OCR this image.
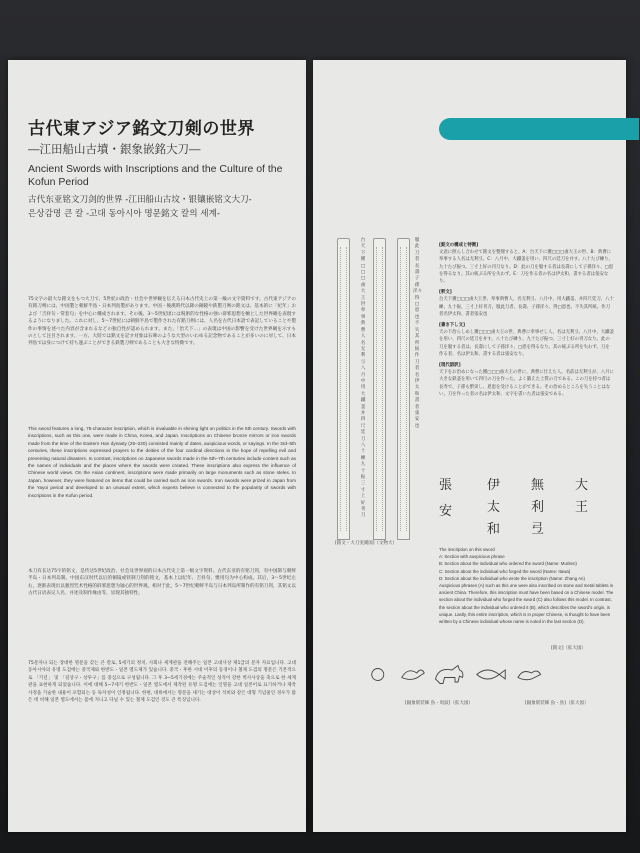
古代東アジア銘文刀剣の世界
―江田船山古墳・銀象嵌銘大刀―
Ancient Swords with Inscriptions and the Culture of the Kofun Period
古代东亚铭文刀剑的世界 -江田船山古坟・银镶嵌铭文大刀-
은상감명 큰 칼 -고대 동아시아 명문銘文 칼의 세계-
75文字の最大な銘文をもつ大刀で、5世紀の政治・社会や世界観を伝える日本古代史上の第一級の文字資料です。古代東アジアの有銘刀剣には、中国製と朝鮮半島・日本列島製があります。中国・後漢時代以降の銅鏡や鉄製刀剣の銘文は、基本的に「紀年」および「吉祥句・常套句」を中心に構成されます。その後、3〜5世紀頃には呪術的な性格の強い辟邪思想を軸とした世界観を表現するようになりました。これに対し、5〜7世紀には朝鮮半島で製作された有銘刀剣には、人名を古代日本語で表記していることや製作の事情を述べた内容が含まれるなどの独自性が認められます。また、「治天下…」の表現は中国の影響を受けた世界観を示すものとして注目されます。一方、大陸では銘文を記す対象は石碑のような大型のいわゆる記念物であることが多いのに対して、日本列島では身につけて持ち運ぶことができる鉄製刀剣であることも大きな特徴です。
This sword features a long, 75-character inscription, which is invaluable in shining light on politics in the 5th century. Swords with inscriptions, such as this one, were made in China, Korea, and Japan. Inscriptions on Chinese bronze mirrors or iron swords made from the time of the Eastern Han dynasty (25–220) consisted mainly of dates, auspicious words, or sayings. In the 3rd–5th centuries, these inscriptions expressed prayers to the deities of the four cardinal directions in the hope of repelling evil and preventing natural disasters. In contrast, inscriptions on Japanese swords made in the 5th–7th centuries include content such as the names of individuals and the places where the swords were created. These inscriptions also express the influence of Chinese world views. On the Asian continent, inscriptions were made primarily on large monuments such as stone steles. In Japan, however, they were featured on items that could be carried such as iron swords. Iron swords were prized in Japan from the Yayoi period and developed to an unusual extent, which experts believe is connected to the popularity of swords with inscriptions in the Kofun period.
本刀有长达75字的铭文，是传达5世纪政治、社会及世界观的日本古代史上第一级文字资料。古代东亚的有铭刀剑，有中国制与朝鲜半岛・日本列岛制。中国东汉时代以后的铜镜或铁制刀剑的铭文，基本上以纪年、吉祥句、惯用句为中心构成。其后，3〜5世纪左右，逐渐表现出以强烈咒术性格的辟邪思想为轴心的世界观。相对于此，5〜7世纪朝鲜半岛与日本列岛所制作的有铭刀剑，其铭文以古代日语表记人名，并述及制作缘由等，显现其独特性。
75문자나 되는 장대한 명문을 갖는 큰 칼로, 5세기의 정치, 사회나 세계관을 전해주는 일본 고대사상 제1급의 문자 자료입니다. 고대 동아시아의 유명 도검에는 중국제와 한반도・일본 열도제가 있습니다. 중국・후한 시대 이후의 동경이나 철제 도검의 명문은 기본적으로 「기년」 및 「길상구・상투구」를 중심으로 구성됩니다. 그 후 3~5세기경에는 주술적인 성격이 강한 벽사사상을 축으로 한 세계관을 표현하게 되었습니다. 이에 대해 5~7세기 한반도・일본 열도에서 제작된 유명 도검에는 인명을 고대 일본어로 표기하거나 제작 사정을 기술한 내용이 포함되는 등 독자성이 인정됩니다. 한편, 대륙에서는 명문을 새기는 대상이 석비와 같은 대형 기념물인 경우가 많은 데 비해 일본 열도에서는 몸에 지니고 다닐 수 있는 철제 도검인 것도 큰 특징입니다.
台天下獲□□□鹵大王世奉事典曹人名无利弖八月中用大鐵釜并四尺廷刀八十練九十振三寸上好刊刀
服此刀者長壽子孫洋々得□恩也不失其所統作刀者名伊太和書者張安也
[銘文・大刀実測図]（文物大）
[銘文の構成と特徴]
文意に照らし合わせて銘文を整理すると、A：台天下に獲□□□鹵大王の世、B：典曹に奉事する人名は无利弖、C：八月中、大鐵釜を用い、四尺の廷刀を并す。八十たび練り、九十たび振つ。三寸上好の刊刀なり。D：此の刀を服する者は長壽にして子孫洋々、□恩を得るなり。其の統ぶる所を失わず。E：刀を作る者の名は伊太和、書する者は張安なり。
[釈文]
台天下獲□□□鹵大王世、奉事典曹人、名无利弖、八月中、用大鐵釜、并四尺廷刀、八十練、九十振、三寸上好刊刀、服此刀者、長壽、子孫洋々、得□恩也、不失其所統、作刀者名伊太和、書者張安也
[書き下し文]
天の下治らしめし獲□□□鹵大王の世、典曹に奉事せし人、名は无利弖、八月中、大鐵釜を用い、四尺の廷刀を并す。八十たび練り、九十たび振つ。三寸上好の刊刀なり。此の刀を服する者は、長壽にして子孫洋々、□恩を得るなり。其の統ぶる所を失わず。刀を作る者、名は伊太和、書する者は張安なり。
[現代語訳]
天下をお治めになった獲□□□鹵大王の世に、典曹に仕えた人、名前は无利弖が、八月に大きな鉄釜を用いて四尺の刀を作った。よく鍛えた上質の刀である。この刀を持つ者は長寿で、子孫も繁栄し、恩恵を受けることができる。その治めるところを失うことはない。刀を作った者の名は伊太和、文字を書いた者は張安である。
The inscription on this sword
A: Section with auspicious phrase
B: Section about the individual who ordered the sword (Name: Muriten)
C: Section about the individual who forged the sword (Name: Itawa)
D: Section about the individual who wrote the inscription (Name: Zhang An)
Auspicious phrases (A) such as this one were also inscribed on stone and metal tablets in ancient China. Therefore, this inscription must have been based on a Chinese model. The section about the individual who forged the sword (C) also follows this model. In contrast, the section about the individual who ordered it (B), which describes the sword's origin, is unique. Lastly, this entire inscription, which is in proper Chinese, is thought to have been written by a Chinese individual whose name is noted in the last section (D).
張
安
伊
太
和
無
利
弖
大
王
[銘文]（拡大図）
[銀象嵌装飾 鳥・馬紋]（拡大図）	[銀象嵌装飾 魚・鳥]（拡大図）
